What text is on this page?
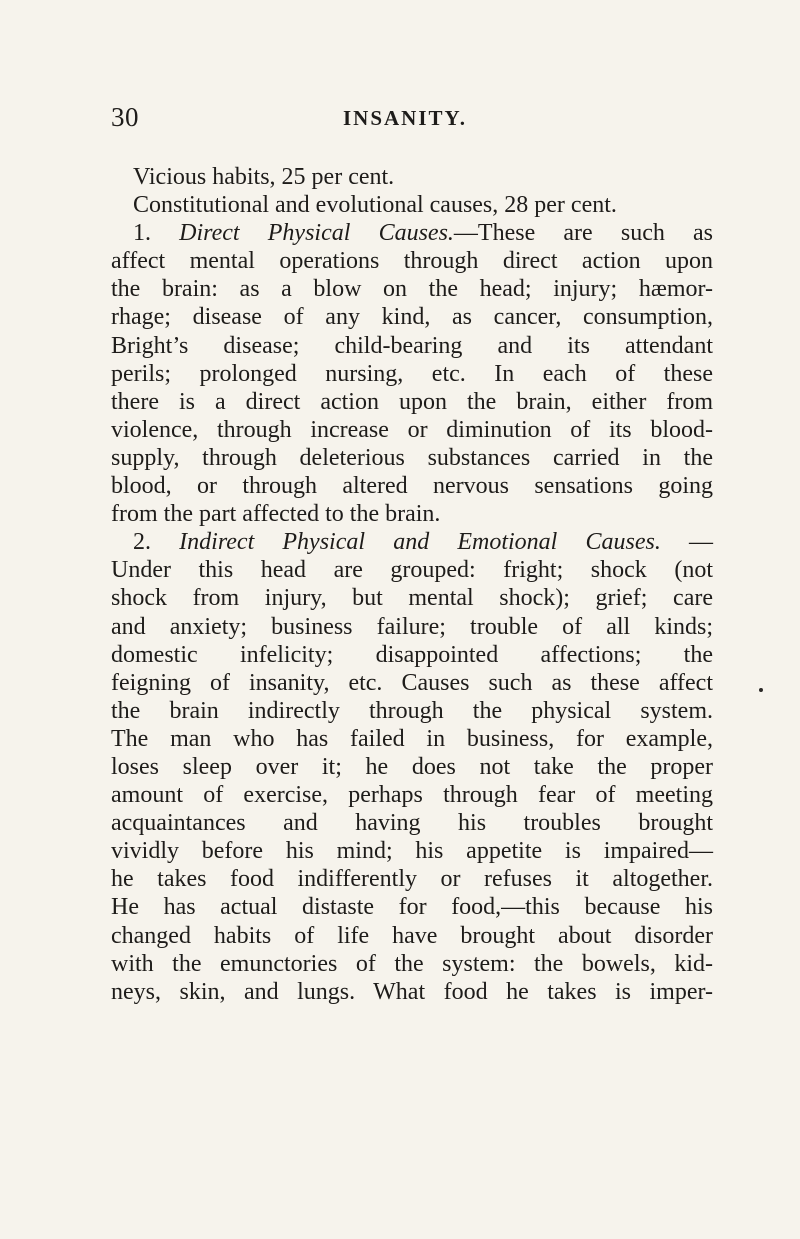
30	INSANITY.
Vicious habits, 25 per cent.
Constitutional and evolutional causes, 28 per cent.
1. Direct Physical Causes.—These are such as
affect mental operations through direct action upon
the brain: as a blow on the head; injury; hæmor-
rhage; disease of any kind, as cancer, consumption,
Bright’s disease; child-bearing and its attendant
perils; prolonged nursing, etc. In each of these
there is a direct action upon the brain, either from
violence, through increase or diminution of its blood-
supply, through deleterious substances carried in the
blood, or through altered nervous sensations going
from the part affected to the brain.
2. Indirect Physical and Emotional Causes. —
Under this head are grouped: fright; shock (not
shock from injury, but mental shock); grief; care
and anxiety; business failure; trouble of all kinds;
domestic infelicity; disappointed affections; the
feigning of insanity, etc. Causes such as these affect
the brain indirectly through the physical system.
The man who has failed in business, for example,
loses sleep over it; he does not take the proper
amount of exercise, perhaps through fear of meeting
acquaintances and having his troubles brought
vividly before his mind; his appetite is impaired—
he takes food indifferently or refuses it altogether.
He has actual distaste for food,—this because his
changed habits of life have brought about disorder
with the emunctories of the system: the bowels, kid-
neys, skin, and lungs. What food he takes is imper-
